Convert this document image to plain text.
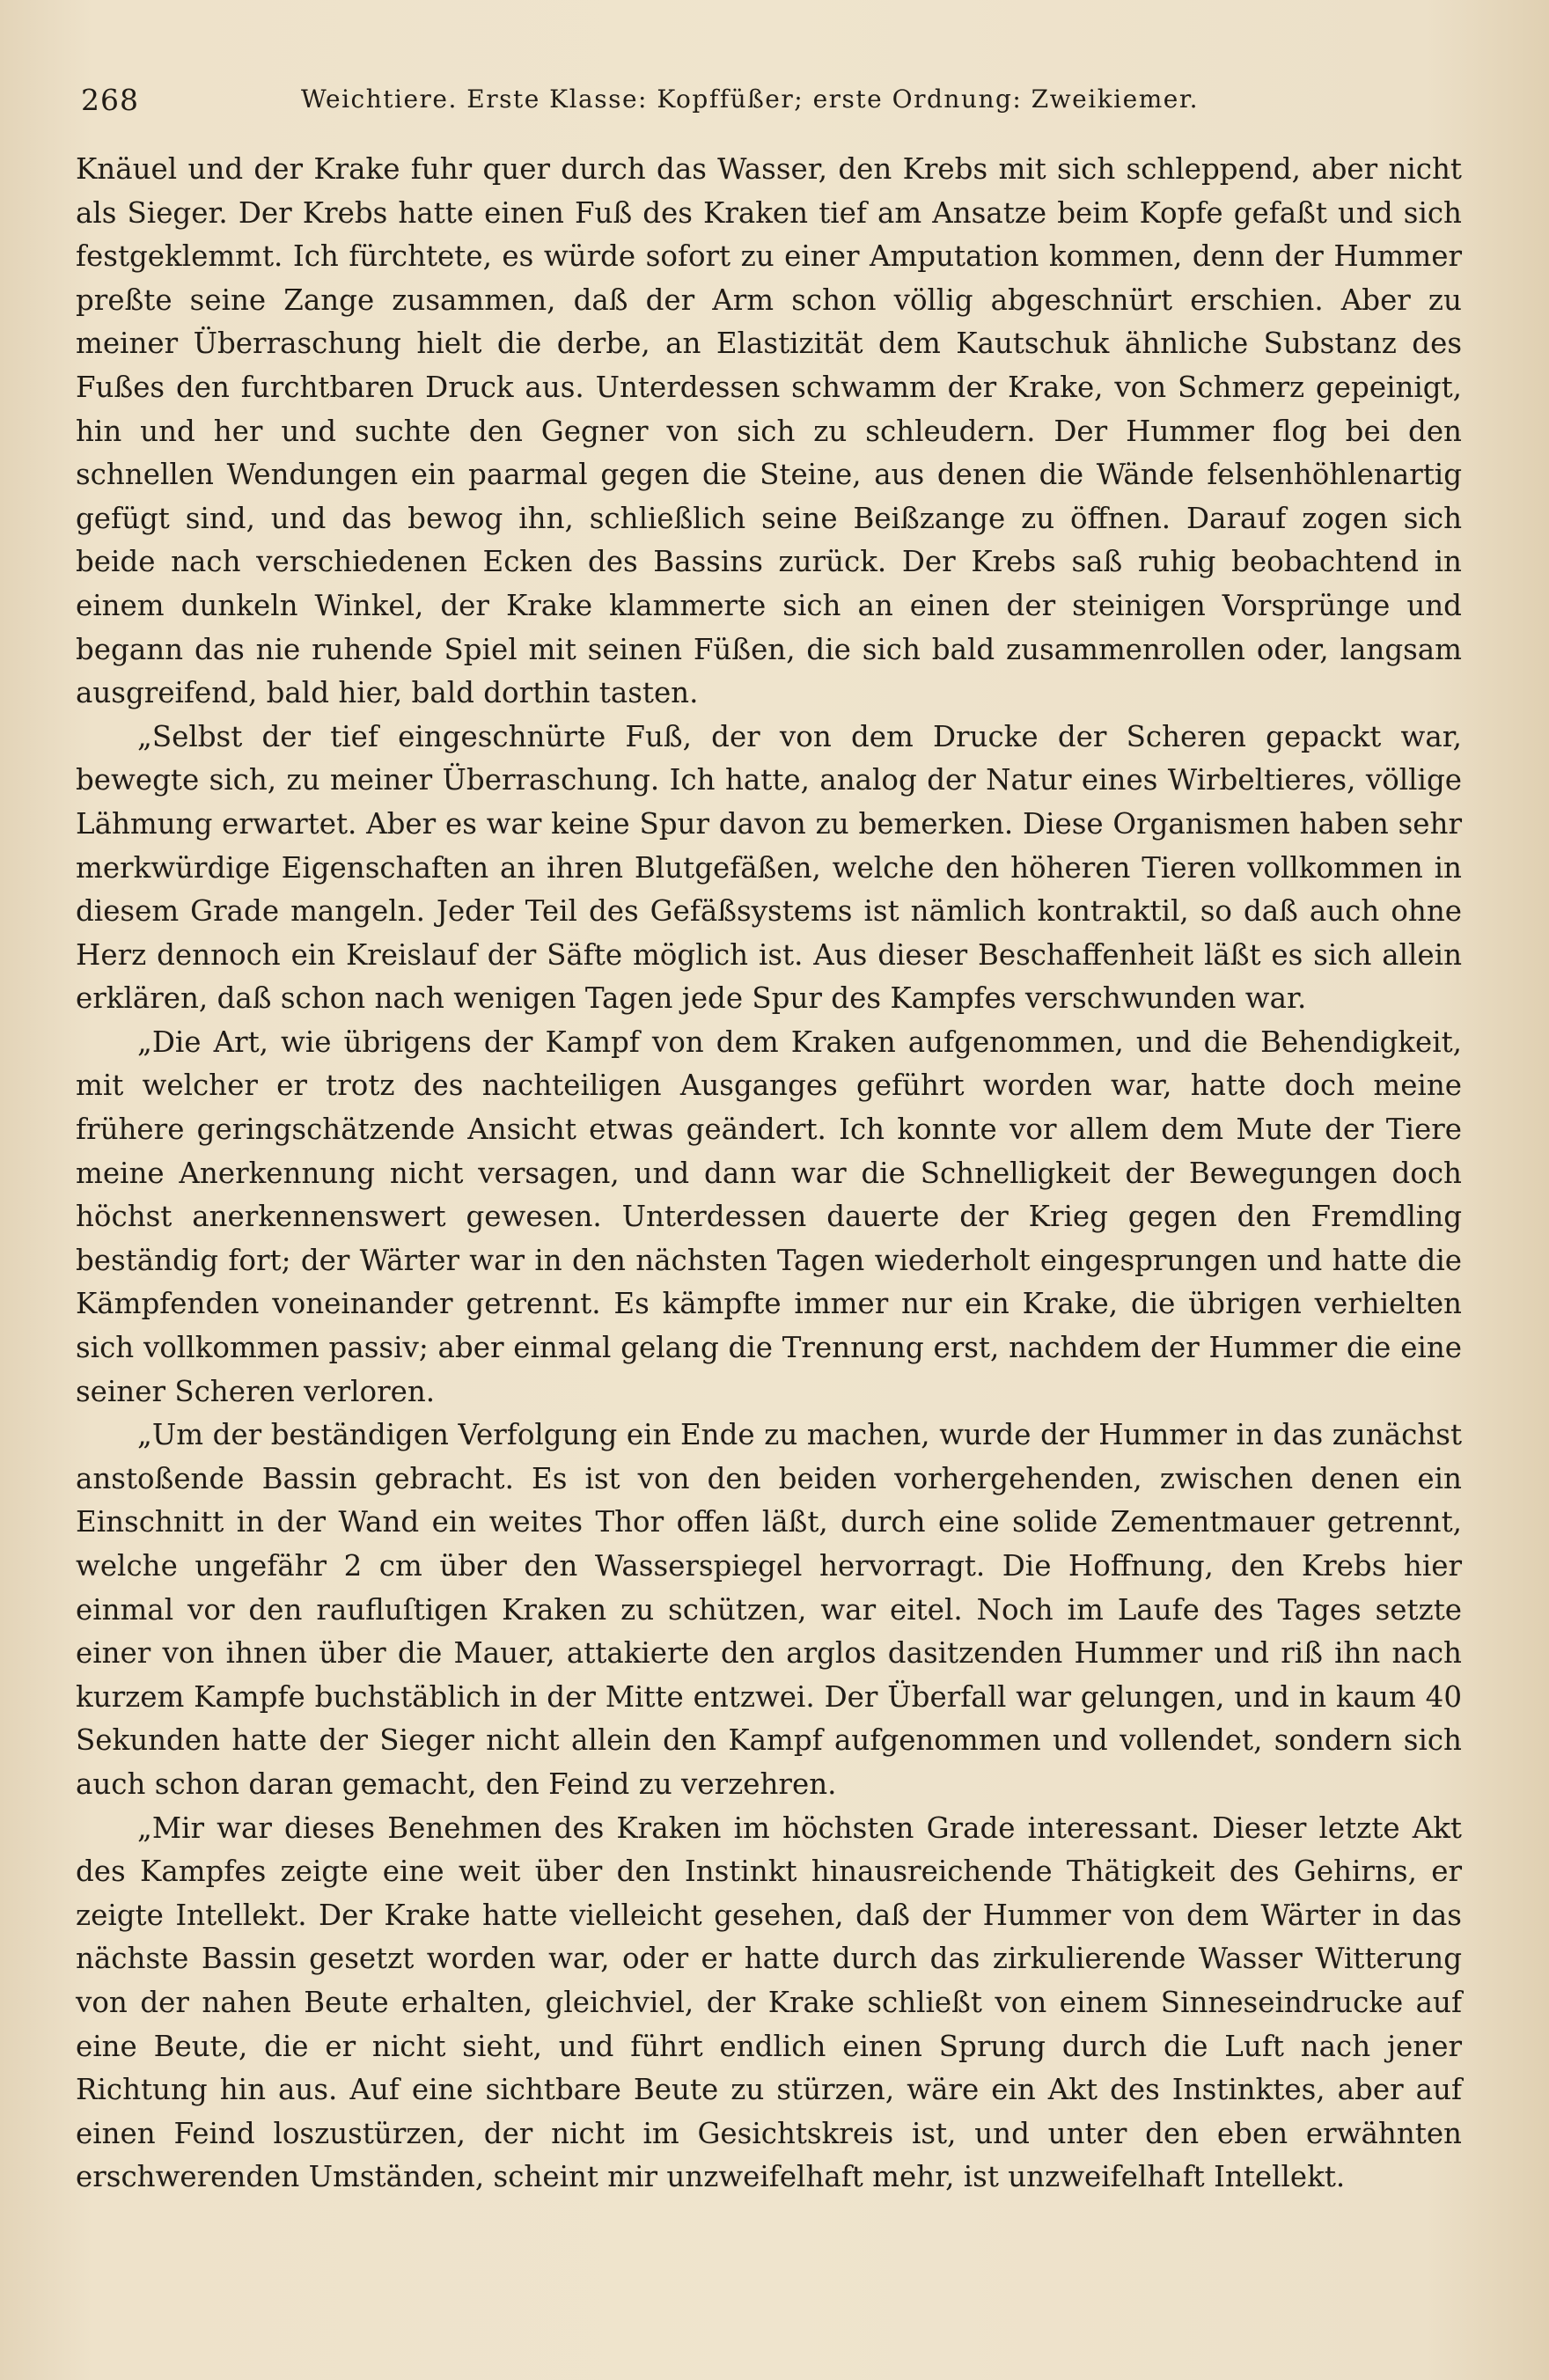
268	Weichtiere. Erste Klasse: Kopffüßer; erste Ordnung: Zweikiemer.

Knäuel und der Krake fuhr quer durch das Wasser, den Krebs mit sich schleppend, aber nicht als Sieger. Der Krebs hatte einen Fuß des Kraken tief am Ansatze beim Kopfe gefaßt und sich festgeklemmt. Ich fürchtete, es würde sofort zu einer Amputation kommen, denn der Hummer preßte seine Zange zusammen, daß der Arm schon völlig abgeschnürt erschien. Aber zu meiner Überraschung hielt die derbe, an Elastizität dem Kautschuk ähnliche Substanz des Fußes den furchtbaren Druck aus. Unterdessen schwamm der Krake, von Schmerz gepeinigt, hin und her und suchte den Gegner von sich zu schleudern. Der Hummer flog bei den schnellen Wendungen ein paarmal gegen die Steine, aus denen die Wände felsenhöhlenartig gefügt sind, und das bewog ihn, schließlich seine Beißzange zu öffnen. Darauf zogen sich beide nach verschiedenen Ecken des Bassins zurück. Der Krebs saß ruhig beobachtend in einem dunkeln Winkel, der Krake klammerte sich an einen der steinigen Vorsprünge und begann das nie ruhende Spiel mit seinen Füßen, die sich bald zusammenrollen oder, langsam ausgreifend, bald hier, bald dorthin tasten.

„Selbst der tief eingeschnürte Fuß, der von dem Drucke der Scheren gepackt war, bewegte sich, zu meiner Überraschung. Ich hatte, analog der Natur eines Wirbeltieres, völlige Lähmung erwartet. Aber es war keine Spur davon zu bemerken. Diese Organismen haben sehr merkwürdige Eigenschaften an ihren Blutgefäßen, welche den höheren Tieren vollkommen in diesem Grade mangeln. Jeder Teil des Gefäßsystems ist nämlich kontraktil, so daß auch ohne Herz dennoch ein Kreislauf der Säfte möglich ist. Aus dieser Beschaffenheit läßt es sich allein erklären, daß schon nach wenigen Tagen jede Spur des Kampfes verschwunden war.

„Die Art, wie übrigens der Kampf von dem Kraken aufgenommen, und die Behendigkeit, mit welcher er trotz des nachteiligen Ausganges geführt worden war, hatte doch meine frühere geringschätzende Ansicht etwas geändert. Ich konnte vor allem dem Mute der Tiere meine Anerkennung nicht versagen, und dann war die Schnelligkeit der Bewegungen doch höchst anerkennenswert gewesen. Unterdessen dauerte der Krieg gegen den Fremdling beständig fort; der Wärter war in den nächsten Tagen wiederholt eingesprungen und hatte die Kämpfenden voneinander getrennt. Es kämpfte immer nur ein Krake, die übrigen verhielten sich vollkommen passiv; aber einmal gelang die Trennung erst, nachdem der Hummer die eine seiner Scheren verloren.

„Um der beständigen Verfolgung ein Ende zu machen, wurde der Hummer in das zunächst anstoßende Bassin gebracht. Es ist von den beiden vorhergehenden, zwischen denen ein Einschnitt in der Wand ein weites Thor offen läßt, durch eine solide Zementmauer getrennt, welche ungefähr 2 cm über den Wasserspiegel hervorragt. Die Hoffnung, den Krebs hier einmal vor den raufluſtigen Kraken zu schützen, war eitel. Noch im Laufe des Tages setzte einer von ihnen über die Mauer, attakierte den arglos dasitzenden Hummer und riß ihn nach kurzem Kampfe buchstäblich in der Mitte entzwei. Der Überfall war gelungen, und in kaum 40 Sekunden hatte der Sieger nicht allein den Kampf aufgenommen und vollendet, sondern sich auch schon daran gemacht, den Feind zu verzehren.

„Mir war dieses Benehmen des Kraken im höchsten Grade interessant. Dieser letzte Akt des Kampfes zeigte eine weit über den Instinkt hinausreichende Thätigkeit des Gehirns, er zeigte Intellekt. Der Krake hatte vielleicht gesehen, daß der Hummer von dem Wärter in das nächste Bassin gesetzt worden war, oder er hatte durch das zirkulierende Wasser Witterung von der nahen Beute erhalten, gleichviel, der Krake schließt von einem Sinneseindrucke auf eine Beute, die er nicht sieht, und führt endlich einen Sprung durch die Luft nach jener Richtung hin aus. Auf eine sichtbare Beute zu stürzen, wäre ein Akt des Instinktes, aber auf einen Feind loszustürzen, der nicht im Gesichtskreis ist, und unter den eben erwähnten erschwerenden Umständen, scheint mir unzweifelhaft mehr, ist unzweifelhaft Intellekt.
